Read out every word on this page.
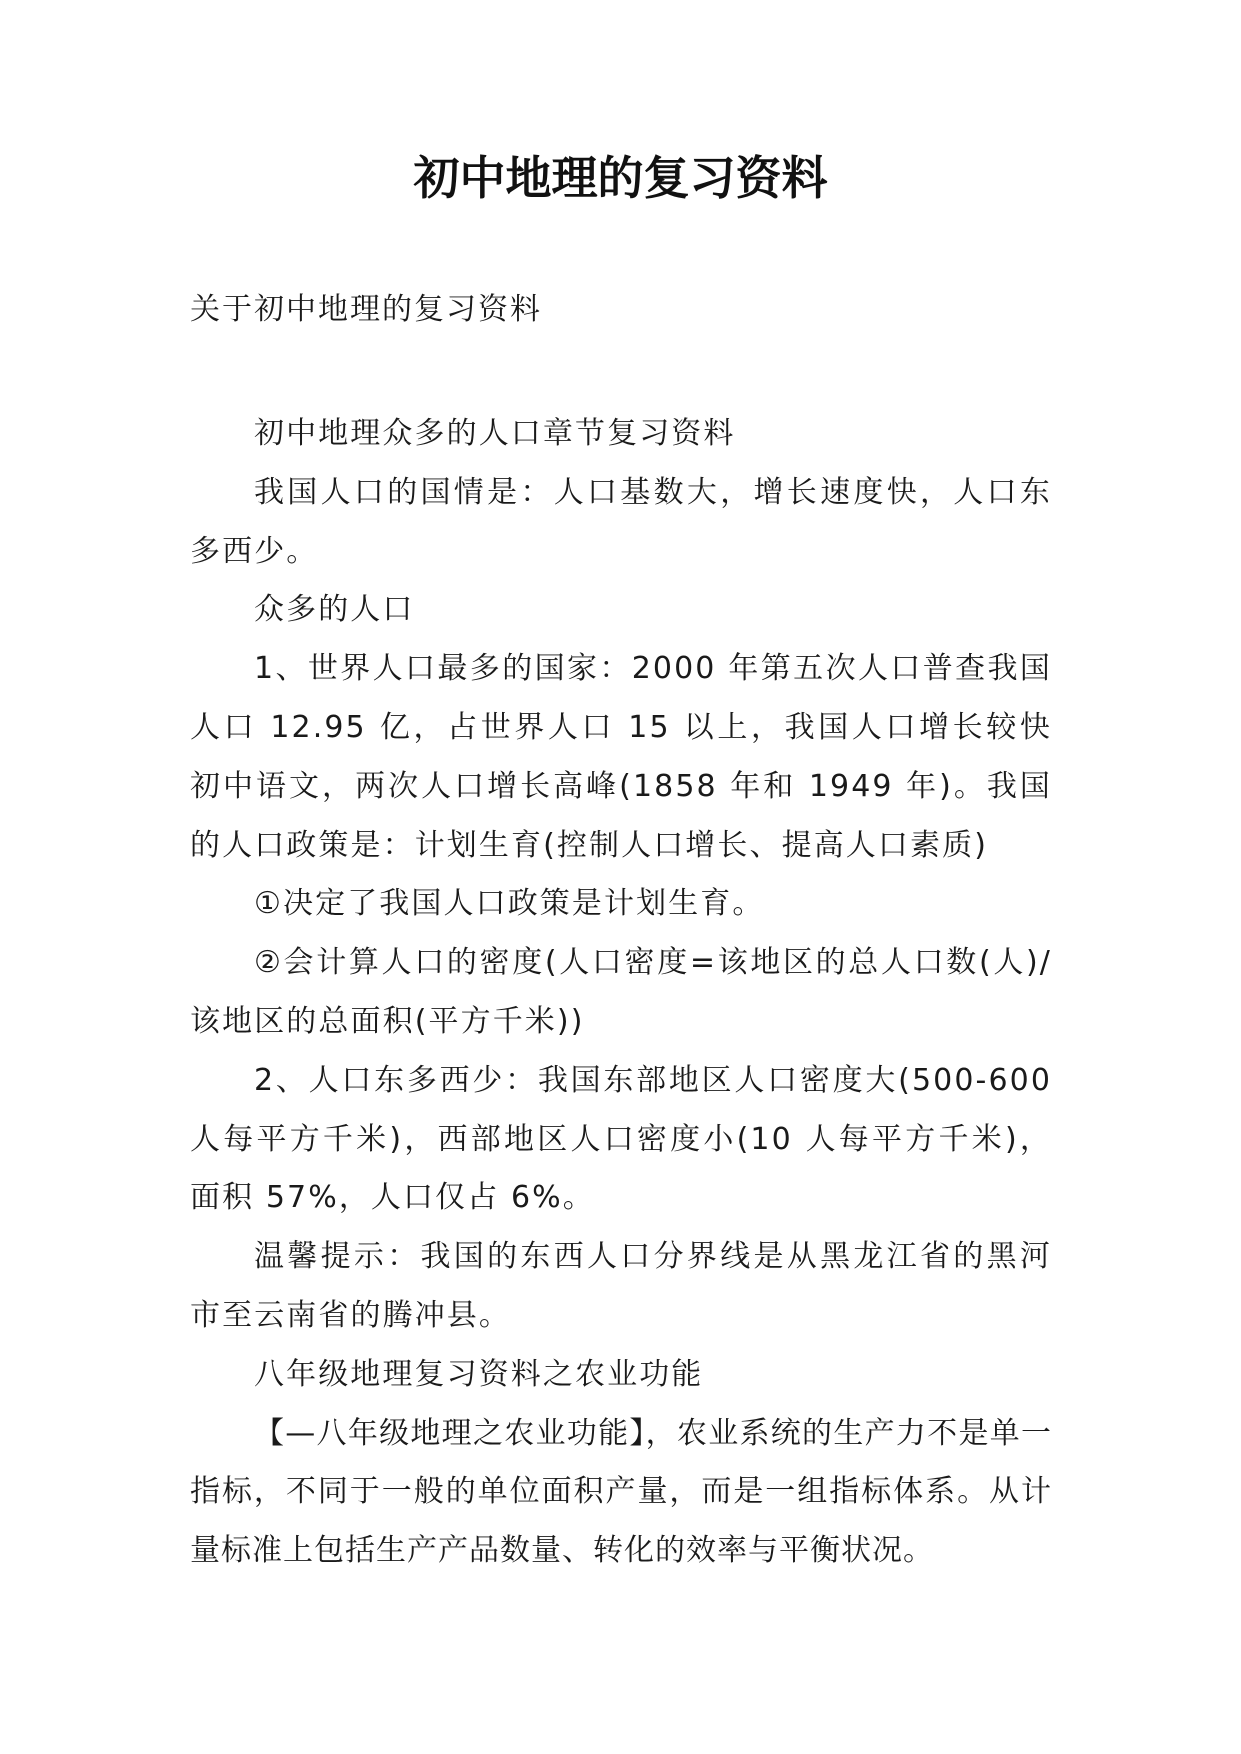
初中地理的复习资料

关于初中地理的复习资料

初中地理众多的人口章节复习资料

我国人口的国情是：人口基数大，增长速度快，人口东多西少。

众多的人口

1、世界人口最多的国家：2000 年第五次人口普查我国人口 12.95 亿，占世界人口 15 以上，我国人口增长较快 初中语文，两次人口增长高峰(1858 年和 1949 年)。我国的人口政策是：计划生育(控制人口增长、提高人口素质)

①决定了我国人口政策是计划生育。

②会计算人口的密度(人口密度=该地区的总人口数(人)/该地区的总面积(平方千米))

2、人口东多西少：我国东部地区人口密度大(500-600 人每平方千米)，西部地区人口密度小(10 人每平方千米)，面积 57%，人口仅占 6%。

温馨提示：我国的东西人口分界线是从黑龙江省的黑河市至云南省的腾冲县。

八年级地理复习资料之农业功能

【—八年级地理之农业功能】，农业系统的生产力不是单一指标，不同于一般的单位面积产量，而是一组指标体系。从计量标准上包括生产产品数量、转化的效率与平衡状况。
